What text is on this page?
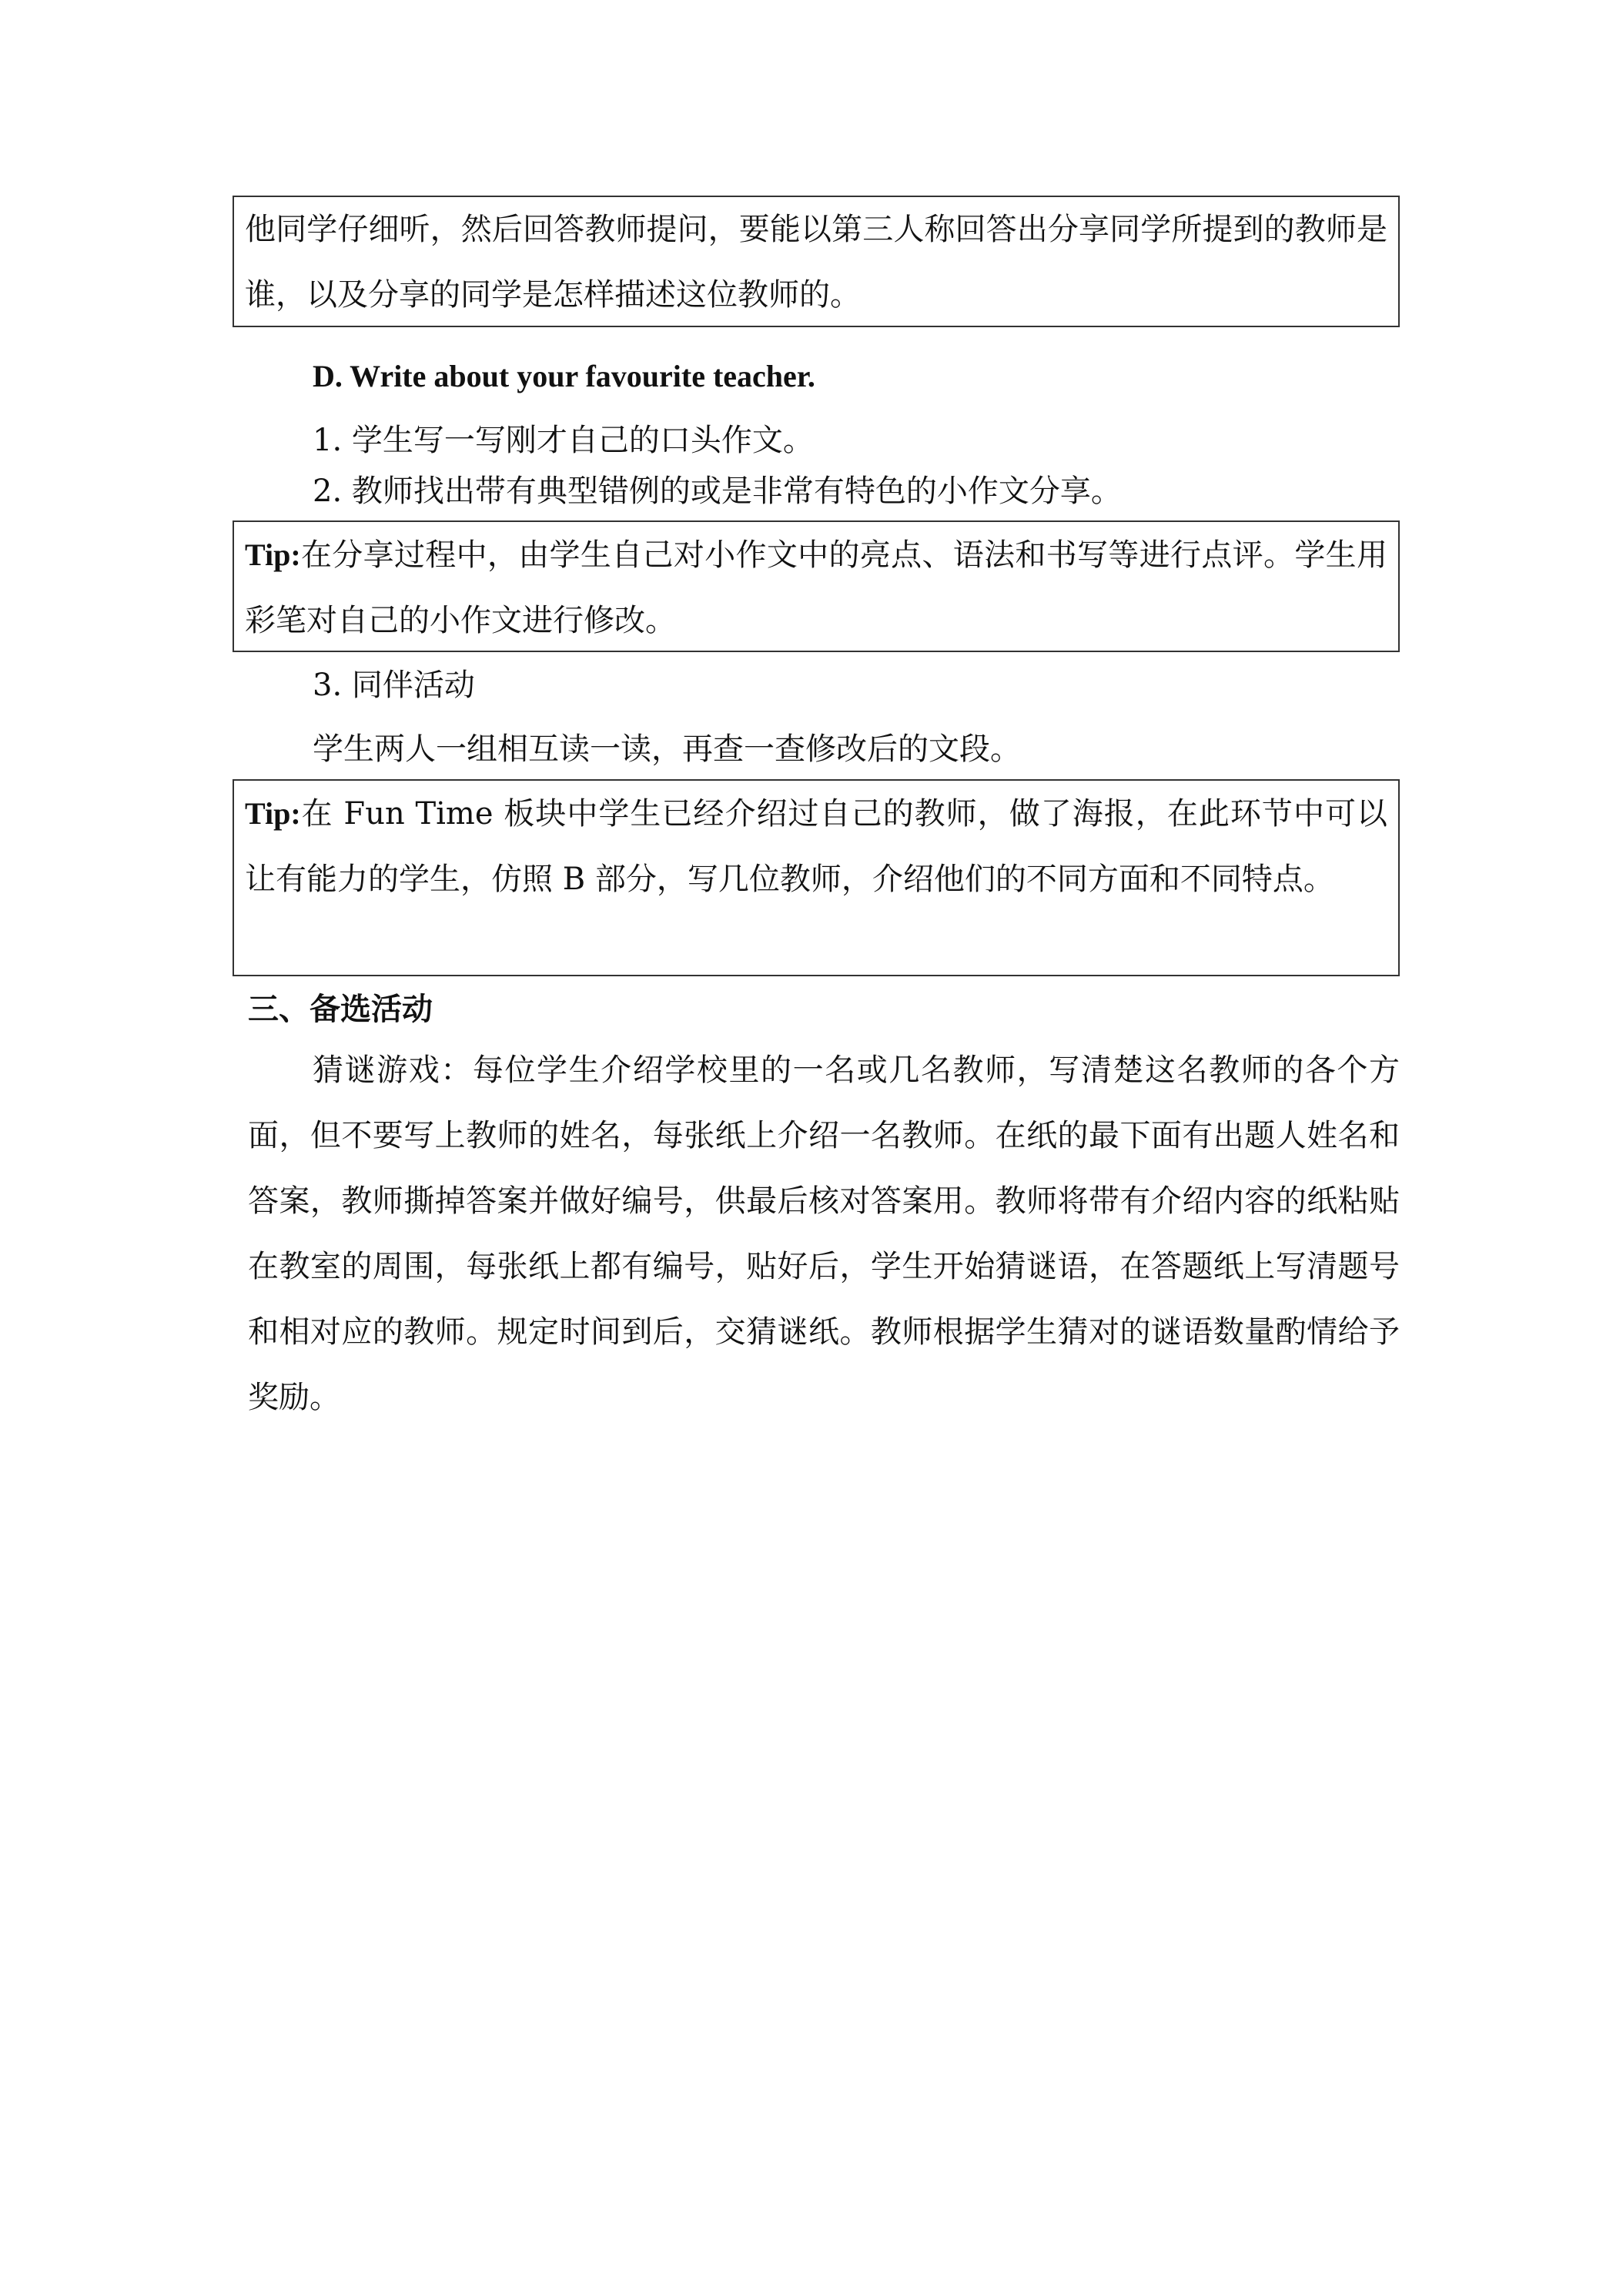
他同学仔细听，然后回答教师提问，要能以第三人称回答出分享同学所提到的教师是谁，以及分享的同学是怎样描述这位教师的。
D. Write about your favourite teacher.
1. 学生写一写刚才自己的口头作文。
2. 教师找出带有典型错例的或是非常有特色的小作文分享。
Tip:在分享过程中，由学生自己对小作文中的亮点、语法和书写等进行点评。学生用彩笔对自己的小作文进行修改。
3. 同伴活动
学生两人一组相互读一读，再查一查修改后的文段。
Tip:在 Fun Time 板块中学生已经介绍过自己的教师，做了海报，在此环节中可以让有能力的学生，仿照 B 部分，写几位教师，介绍他们的不同方面和不同特点。
三、备选活动
猜谜游戏：每位学生介绍学校里的一名或几名教师，写清楚这名教师的各个方面，但不要写上教师的姓名，每张纸上介绍一名教师。在纸的最下面有出题人姓名和答案，教师撕掉答案并做好编号，供最后核对答案用。教师将带有介绍内容的纸粘贴在教室的周围，每张纸上都有编号，贴好后，学生开始猜谜语，在答题纸上写清题号和相对应的教师。规定时间到后，交猜谜纸。教师根据学生猜对的谜语数量酌情给予奖励。
